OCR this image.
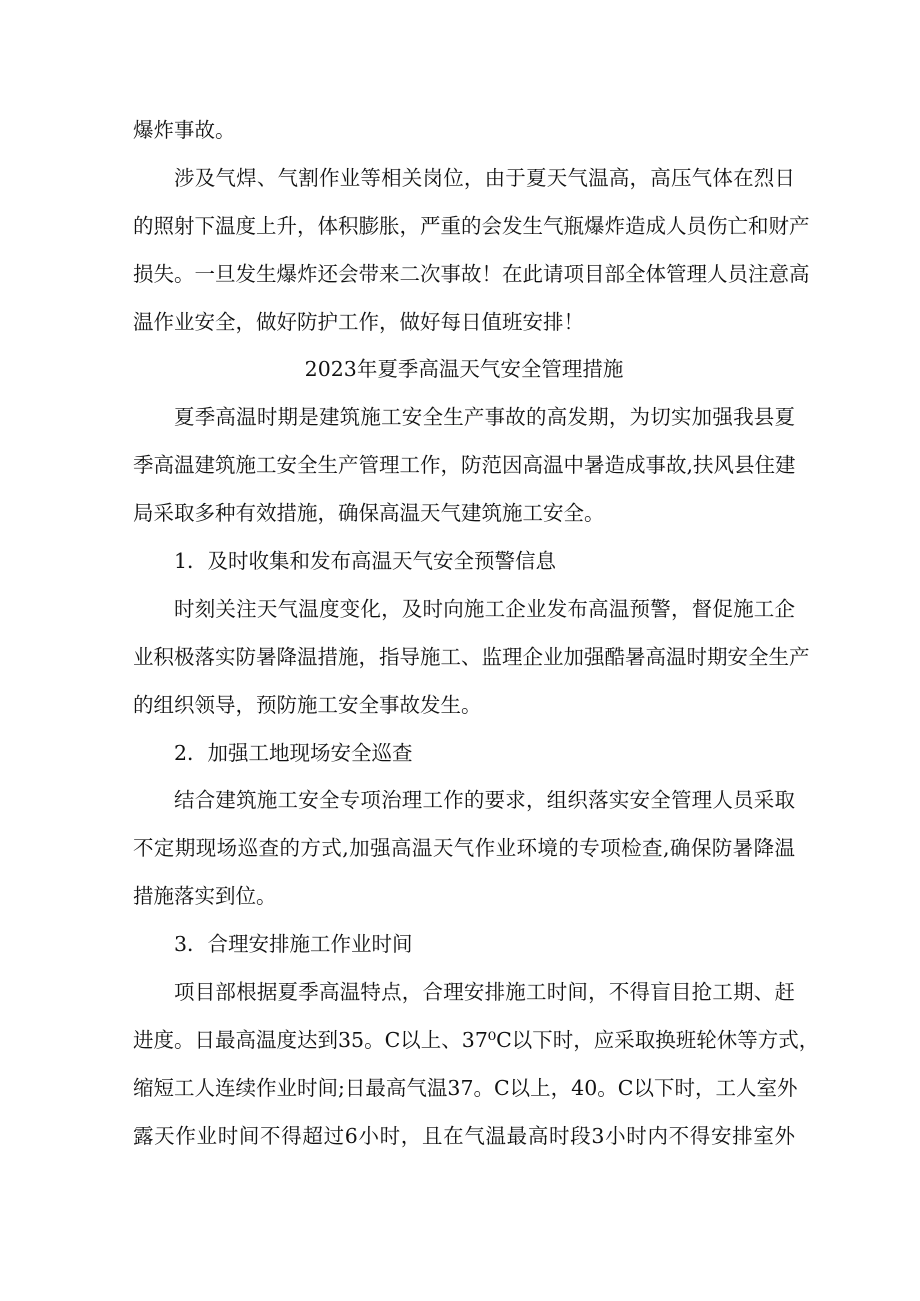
爆炸事故。
涉及气焊、气割作业等相关岗位，由于夏天气温高，高压气体在烈日
的照射下温度上升，体积膨胀，严重的会发生气瓶爆炸造成人员伤亡和财产
损失。一旦发生爆炸还会带来二次事故！在此请项目部全体管理人员注意高
温作业安全，做好防护工作，做好每日值班安排！
2023年夏季高温天气安全管理措施
夏季高温时期是建筑施工安全生产事故的高发期，为切实加强我县夏
季高温建筑施工安全生产管理工作，防范因高温中暑造成事故,扶风县住建
局采取多种有效措施，确保高温天气建筑施工安全。
1．及时收集和发布高温天气安全预警信息
时刻关注天气温度变化，及时向施工企业发布高温预警，督促施工企
业积极落实防暑降温措施，指导施工、监理企业加强酷暑高温时期安全生产
的组织领导，预防施工安全事故发生。
2．加强工地现场安全巡查
结合建筑施工安全专项治理工作的要求，组织落实安全管理人员采取
不定期现场巡查的方式,加强高温天气作业环境的专项检查,确保防暑降温
措施落实到位。
3．合理安排施工作业时间
项目部根据夏季高温特点，合理安排施工时间，不得盲目抢工期、赶
进度。日最高温度达到35。C以上、37⁰C以下时，应采取换班轮休等方式，
缩短工人连续作业时间;日最高气温37。C以上，40。C以下时，工人室外
露天作业时间不得超过6小时，且在气温最高时段3小时内不得安排室外
